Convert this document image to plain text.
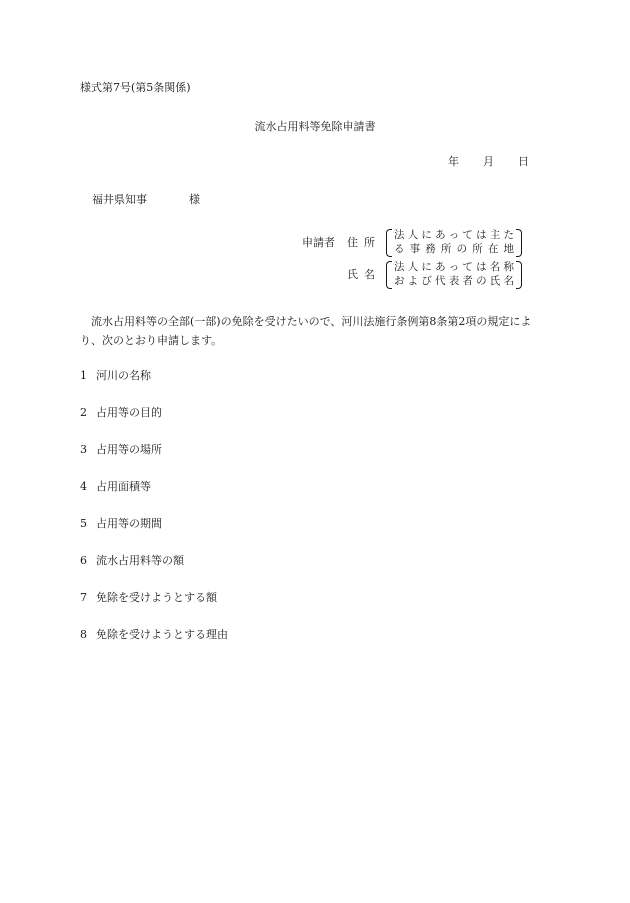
様式第7号(第5条関係)
流水占用料等免除申請書
年 月 日
福井県知事	様
申請者 住所
法人にあっては主た
る事務所の所在地
氏名
法人にあっては名称
および代表者の氏名
流水占用料等の全部(一部)の免除を受けたいので、河川法施行条例第8条第2項の規定により、次のとおり申請します。
1 河川の名称
2 占用等の目的
3 占用等の場所
4 占用面積等
5 占用等の期間
6 流水占用料等の額
7 免除を受けようとする額
8 免除を受けようとする理由
